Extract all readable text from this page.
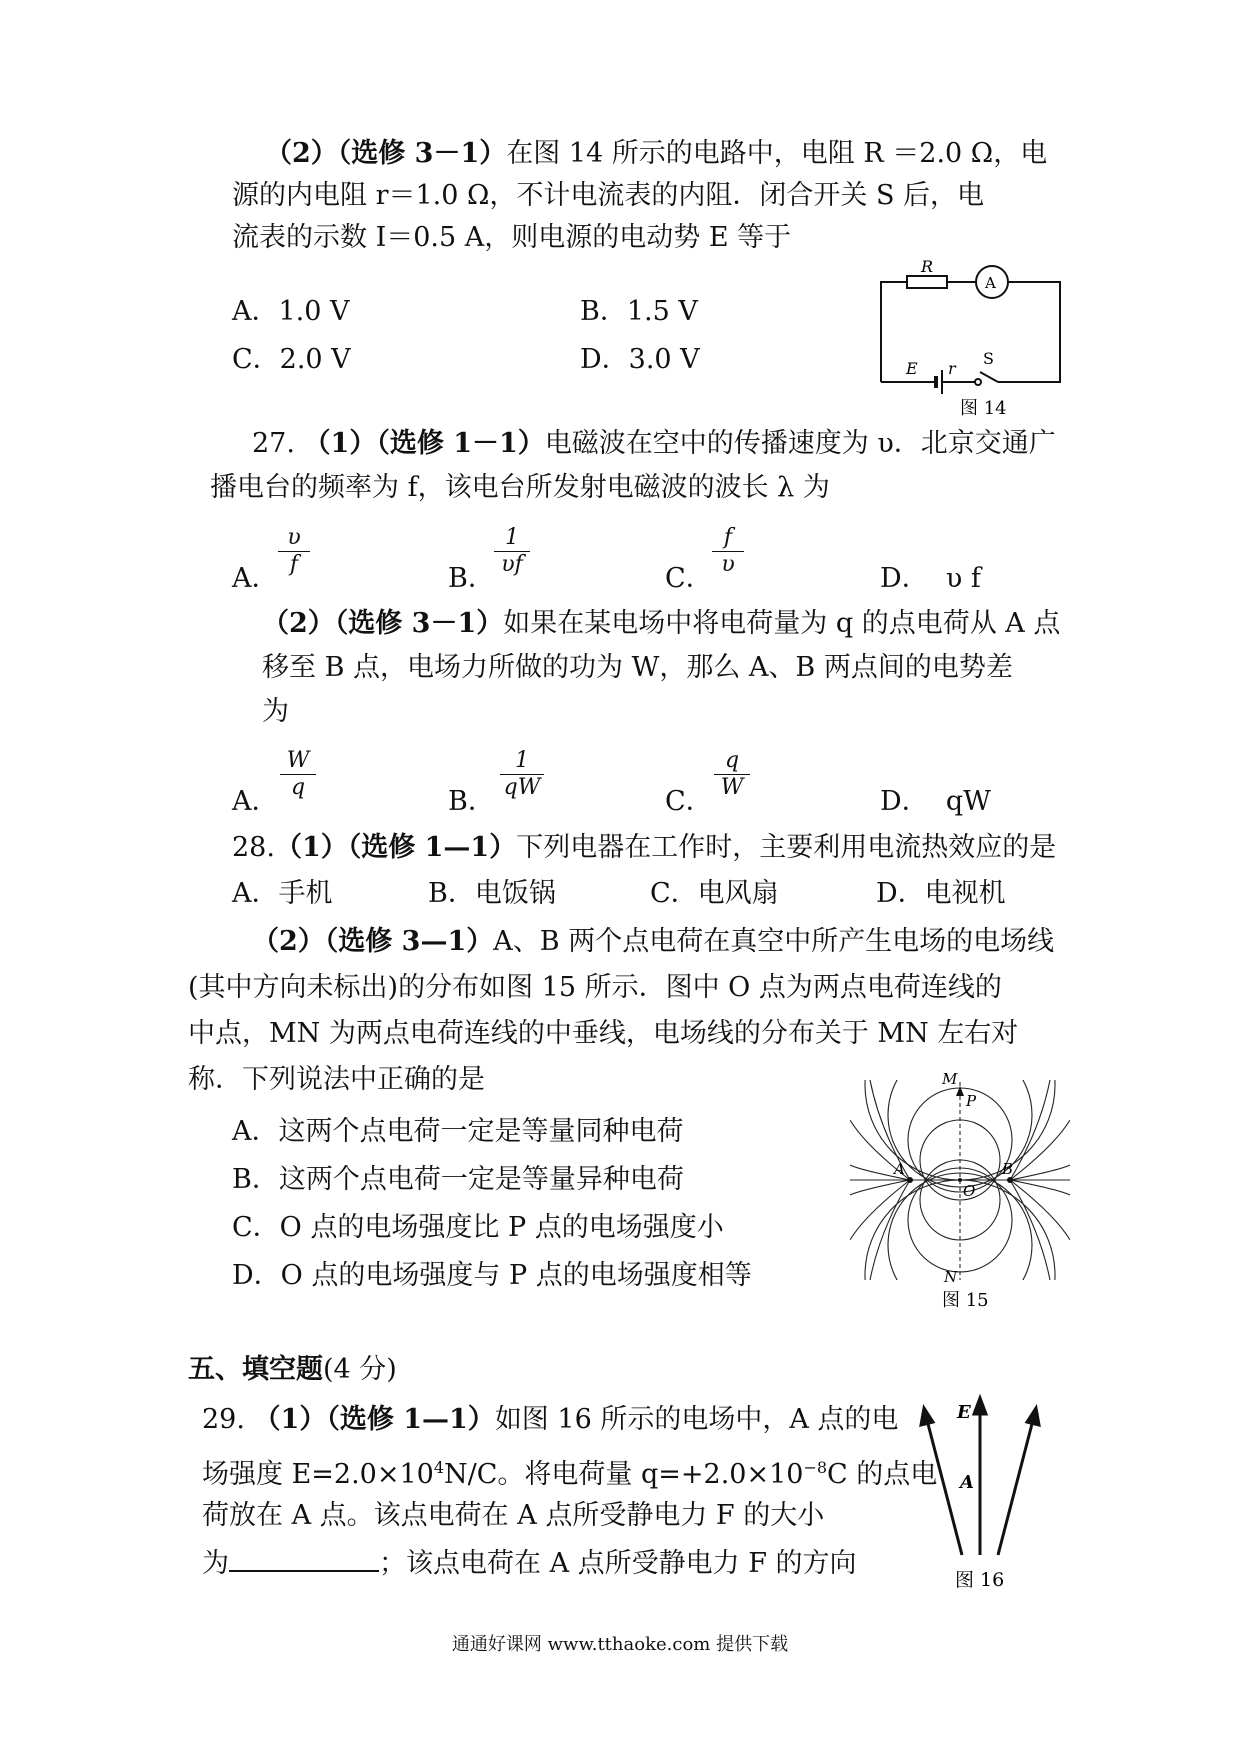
（2）（选修 3－1）在图 14 所示的电路中，电阻 R ＝2.0 Ω，电
源的内电阻 r＝1.0 Ω，不计电流表的内阻．闭合开关 S 后，电
流表的示数 I＝0.5 A，则电源的电动势 E 等于
A．1.0 V	B．1.5 V
C．2.0 V	D．3.0 V
R
A
E r
S
图 14
27. （1）（选修 1－1）电磁波在空中的传播速度为 υ．北京交通广
播电台的频率为 f，该电台所发射电磁波的波长 λ 为
A．
$\frac{\upsilon}{f}$
B．
$\frac{1}{\upsilon f}$
C．
$\frac{f}{\upsilon}$
D． υ f
（2）（选修 3－1）如果在某电场中将电荷量为 q 的点电荷从 A 点
移至 B 点，电场力所做的功为 W，那么 A、B 两点间的电势差
为
A．
$\frac{W}{q}$
B．
$\frac{1}{qW}$
C．
$\frac{q}{W}$
D． qW
28.（1）（选修 1—1）下列电器在工作时，主要利用电流热效应的是
A．手机	B．电饭锅	C．电风扇	D．电视机
（2）（选修 3—1）A、B 两个点电荷在真空中所产生电场的电场线
(其中方向未标出)的分布如图 15 所示．图中 O 点为两点电荷连线的
中点，MN 为两点电荷连线的中垂线，电场线的分布关于 MN 左右对
称．下列说法中正确的是
A．这两个点电荷一定是等量同种电荷
B．这两个点电荷一定是等量异种电荷
C．O 点的电场强度比 P 点的电场强度小
D．O 点的电场强度与 P 点的电场强度相等
M
P
A	B
O
N
图 15
五、填空题(4 分)
29. （1）（选修 1—1）如图 16 所示的电场中，A 点的电
场强度 $E=2.0\times 10^4N/C$。将电荷量 $q=+2.0\times 10^{-8}C$ 的点电
荷放在 A 点。该点电荷在 A 点所受静电力 F 的大小
为	；该点电荷在 A 点所受静电力 F 的方向
E
A
图 16
通通好课网 www.tthaoke.com 提供下载
